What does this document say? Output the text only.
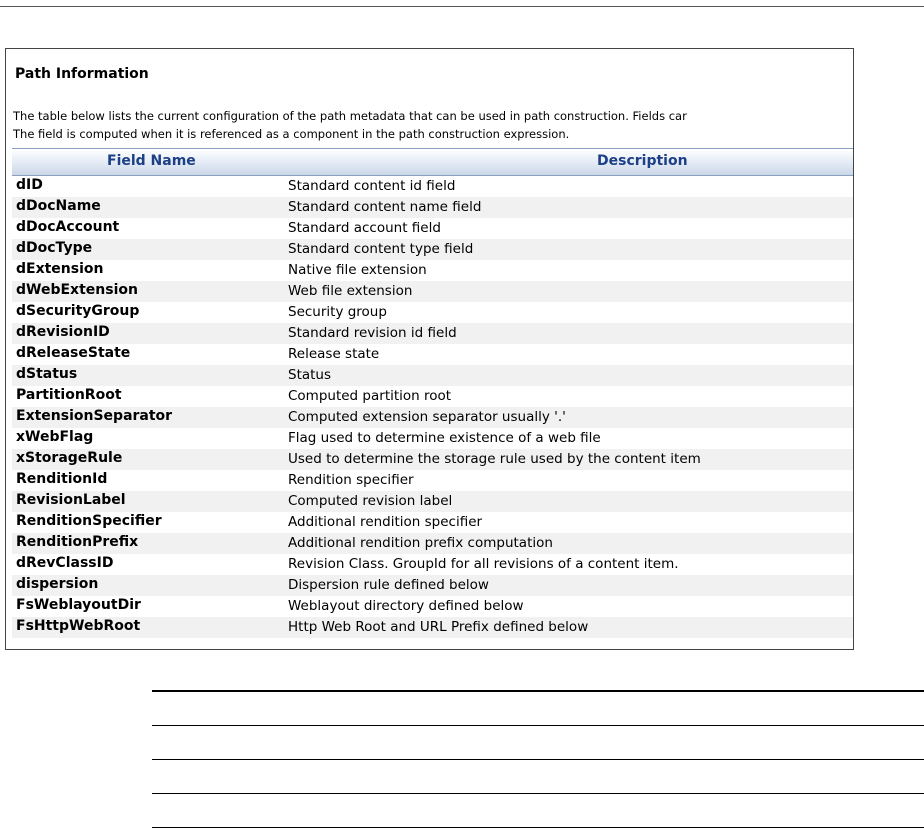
Path Information
The table below lists the current configuration of the path metadata that can be used in path construction. Fields car
The field is computed when it is referenced as a component in the path construction expression.
Field Name	Description
dID	Standard content id field
dDocName	Standard content name field
dDocAccount	Standard account field
dDocType	Standard content type field
dExtension	Native file extension
dWebExtension	Web file extension
dSecurityGroup	Security group
dRevisionID	Standard revision id field
dReleaseState	Release state
dStatus	Status
PartitionRoot	Computed partition root
ExtensionSeparator	Computed extension separator usually '.'
xWebFlag	Flag used to determine existence of a web file
xStorageRule	Used to determine the storage rule used by the content item
RenditionId	Rendition specifier
RevisionLabel	Computed revision label
RenditionSpecifier	Additional rendition specifier
RenditionPrefix	Additional rendition prefix computation
dRevClassID	Revision Class. GroupId for all revisions of a content item.
dispersion	Dispersion rule defined below
FsWeblayoutDir	Weblayout directory defined below
FsHttpWebRoot	Http Web Root and URL Prefix defined below
